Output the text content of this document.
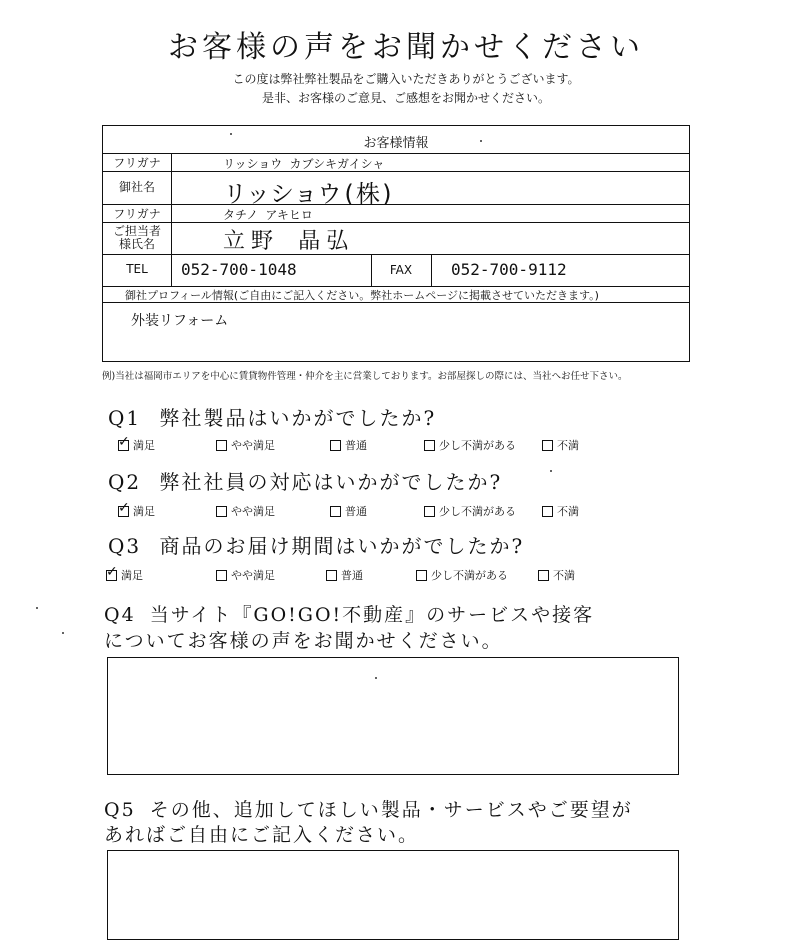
お客様の声をお聞かせください
この度は弊社弊社製品をご購入いただきありがとうございます。
是非、お客様のご意見、ご感想をお聞かせください。
お客様情報
フリガナ	リッショウ カブシキガイシャ
御社名	リッショウ(株)
フリガナ	タチノ アキヒロ
ご担当者
様氏名	立野 晶弘
TEL	052-700-1048	FAX	052-700-9112
御社プロフィール情報(ご自由にご記入ください。弊社ホームページに掲載させていただきます。)
外装リフォーム
例)当社は福岡市エリアを中心に賃貸物件管理・仲介を主に営業しております。お部屋探しの際には、当社へお任せ下さい。
Q1 弊社製品はいかがでしたか?
✓
満足	やや満足	普通	少し不満がある	不満
Q2 弊社社員の対応はいかがでしたか?
✓
満足	やや満足	普通	少し不満がある	不満
Q3 商品のお届け期間はいかがでしたか?
✓
満足	やや満足	普通	少し不満がある	不満
Q4 当サイト『GO!GO!不動産』のサービスや接客
についてお客様の声をお聞かせください。
Q5 その他、追加してほしい製品・サービスやご要望が
あればご自由にご記入ください。
